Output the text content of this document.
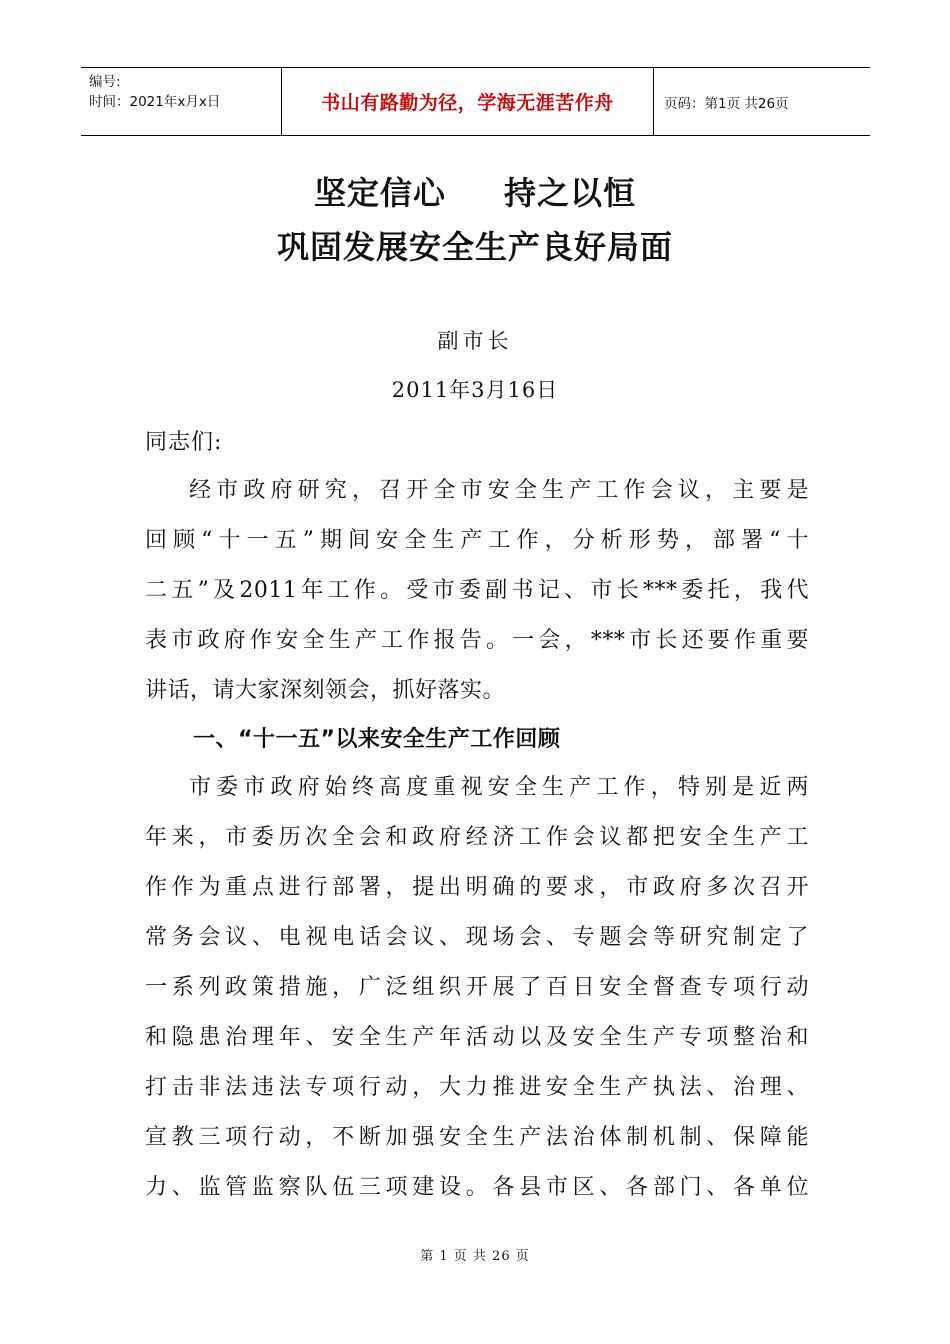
编号:
时间：2021年x月x日	书山有路勤为径，学海无涯苦作舟	页码：第1页 共26页
坚定信心 持之以恒
巩固发展安全生产良好局面
副市长
2011年3月16日
同志们:
经市政府研究，召开全市安全生产工作会议，主要是
回顾“十一五”期间安全生产工作，分析形势，部署“十
二五”及2011年工作。受市委副书记、市长***委托，我代
表市政府作安全生产工作报告。一会，***市长还要作重要
讲话，请大家深刻领会，抓好落实。
一、“十一五”以来安全生产工作回顾
市委市政府始终高度重视安全生产工作，特别是近两
年来，市委历次全会和政府经济工作会议都把安全生产工
作作为重点进行部署，提出明确的要求，市政府多次召开
常务会议、电视电话会议、现场会、专题会等研究制定了
一系列政策措施，广泛组织开展了百日安全督查专项行动
和隐患治理年、安全生产年活动以及安全生产专项整治和
打击非法违法专项行动，大力推进安全生产执法、治理、
宣教三项行动，不断加强安全生产法治体制机制、保障能
力、监管监察队伍三项建设。各县市区、各部门、各单位
第 1 页 共 26 页
